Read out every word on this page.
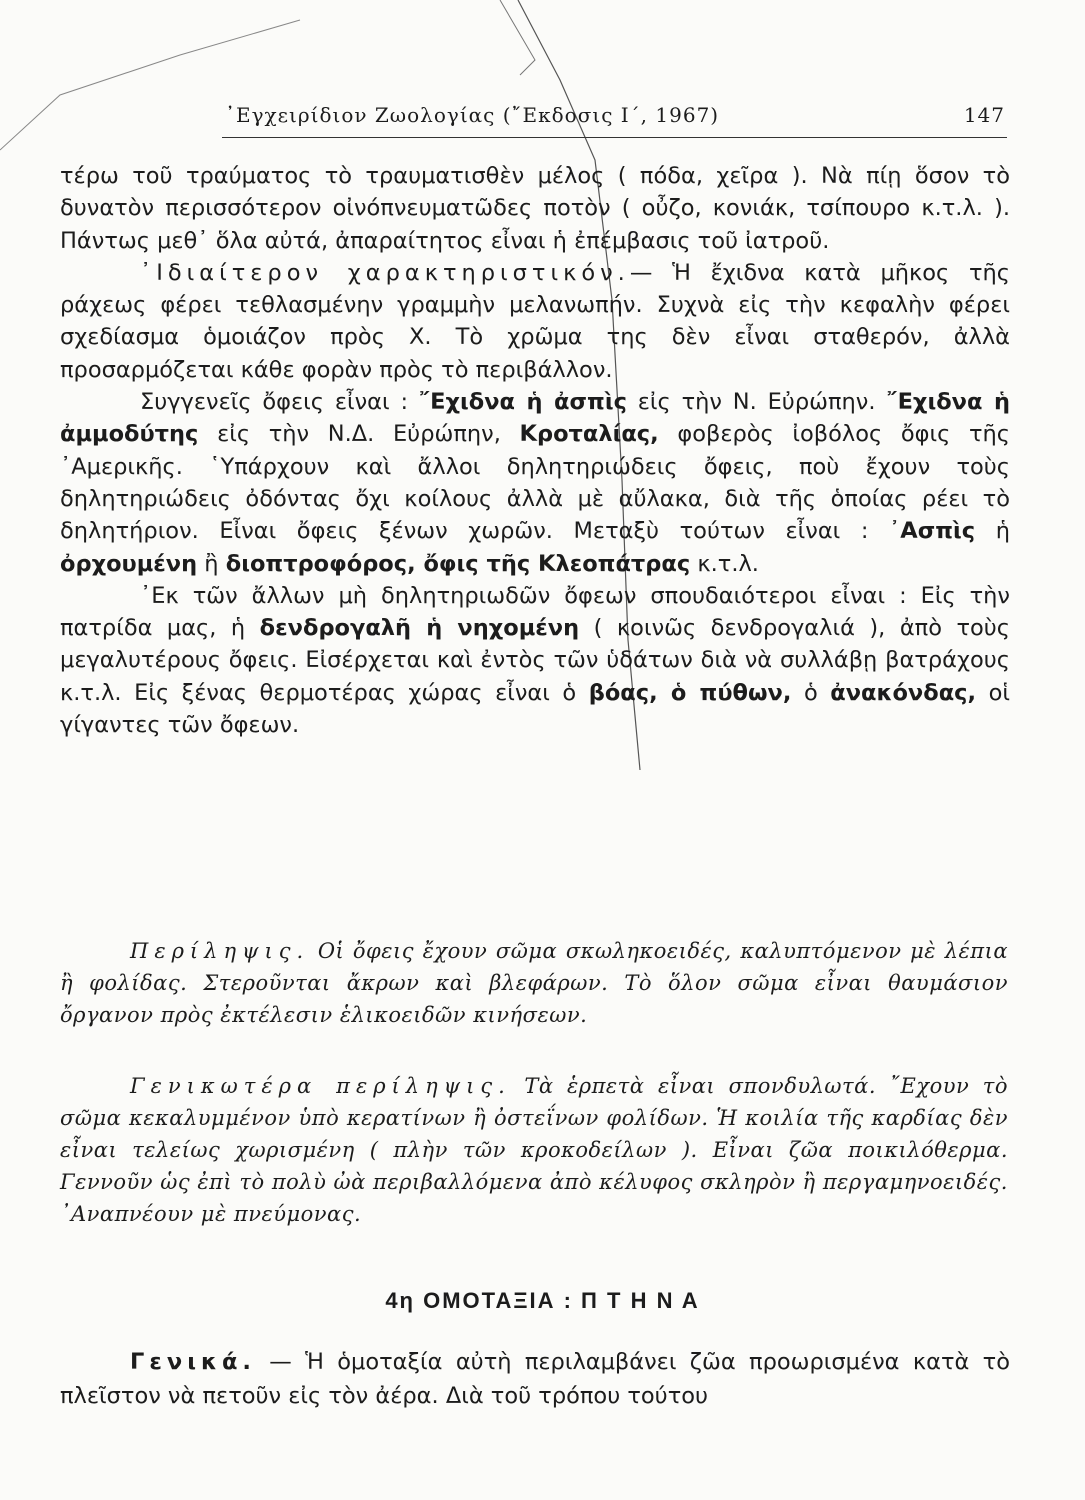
᾿Εγχειρίδιον Ζωολογίας (῎Εκδοσις Ι΄, 1967)	147

τέρω τοῦ τραύματος τὸ τραυματισθὲν μέλος ( πόδα, χεῖρα ). Νὰ πίῃ ὅσον τὸ δυνατὸν περισσότερον οἰνόπνευματῶδες ποτὸν ( οὖζο, κονιάκ, τσίπουρο κ.τ.λ. ). Πάντως μεθ᾿ ὅλα αὐτά, ἀπαραίτητος εἶναι ἡ ἐπέμβασις τοῦ ἰατροῦ.

᾿Ιδιαίτερον χαρακτηριστικόν.— Ἡ ἔχιδνα κατὰ μῆκος τῆς ράχεως φέρει τεθλασμένην γραμμὴν μελανωπήν. Συχνὰ εἰς τὴν κεφαλὴν φέρει σχεδίασμα ὁμοιάζον πρὸς Χ. Τὸ χρῶμα της δὲν εἶναι σταθερόν, ἀλλὰ προσαρμόζεται κάθε φορὰν πρὸς τὸ περιβάλλον.

Συγγενεῖς ὄφεις εἶναι : ῎Εχιδνα ἡ ἀσπὶς εἰς τὴν Ν. Εὐρώπην. ῎Εχιδνα ἡ ἀμμοδύτης εἰς τὴν Ν.Δ. Εὐρώπην, Κροταλίας, φοβερὸς ἰοβόλος ὄφις τῆς ᾿Αμερικῆς. ῾Υπάρχουν καὶ ἄλλοι δηλητηριώδεις ὄφεις, ποὺ ἔχουν τοὺς δηλητηριώδεις ὀδόντας ὄχι κοίλους ἀλλὰ μὲ αὔλακα, διὰ τῆς ὁποίας ρέει τὸ δηλητήριον. Εἶναι ὄφεις ξένων χωρῶν. Μεταξὺ τούτων εἶναι : ᾿Ασπὶς ἡ ὀρχουμένη ἢ διοπτροφόρος, ὄφις τῆς Κλεοπάτρας κ.τ.λ.

᾿Εκ τῶν ἄλλων μὴ δηλητηριωδῶν ὄφεων σπουδαιότεροι εἶναι : Εἰς τὴν πατρίδα μας, ἡ δενδρογαλῆ ἡ νηχομένη ( κοινῶς δενδρογαλιά ), ἀπὸ τοὺς μεγαλυτέρους ὄφεις. Εἰσέρχεται καὶ ἐντὸς τῶν ὑδάτων διὰ νὰ συλλάβῃ βατράχους κ.τ.λ. Εἰς ξένας θερμοτέρας χώρας εἶναι ὁ βόας, ὁ πύθων, ὁ ἀνακόνδας, οἱ γίγαντες τῶν ὄφεων.

Περίληψις. Οἱ ὄφεις ἔχουν σῶμα σκωληκοειδές, καλυπτόμενον μὲ λέπια ἢ φολίδας. Στεροῦνται ἄκρων καὶ βλεφάρων. Τὸ ὅλον σῶμα εἶναι θαυμάσιον ὄργανον πρὸς ἐκτέλεσιν ἑλικοειδῶν κινήσεων.
Γενικωτέρα περίληψις. Τὰ ἑρπετὰ εἶναι σπονδυλωτά. ῎Εχουν τὸ σῶμα κεκαλυμμένον ὑπὸ κερατίνων ἢ ὀστεΐνων φολίδων. Ἡ κοιλία τῆς καρδίας δὲν εἶναι τελείως χωρισμένη ( πλὴν τῶν κροκοδείλων ). Εἶναι ζῶα ποικιλόθερμα. Γεννοῦν ὡς ἐπὶ τὸ πολὺ ὠὰ περιβαλλόμενα ἀπὸ κέλυφος σκληρὸν ἢ περγαμηνοειδές. ᾿Αναπνέουν μὲ πνεύμονας.
4η ΟΜΟΤΑΞΙΑ : Π Τ Η Ν Α
Γενικά. — Ἡ ὁμοταξία αὐτὴ περιλαμβάνει ζῶα προωρισμένα κατὰ τὸ πλεῖστον νὰ πετοῦν εἰς τὸν ἀέρα. Διὰ τοῦ τρόπου τούτου
